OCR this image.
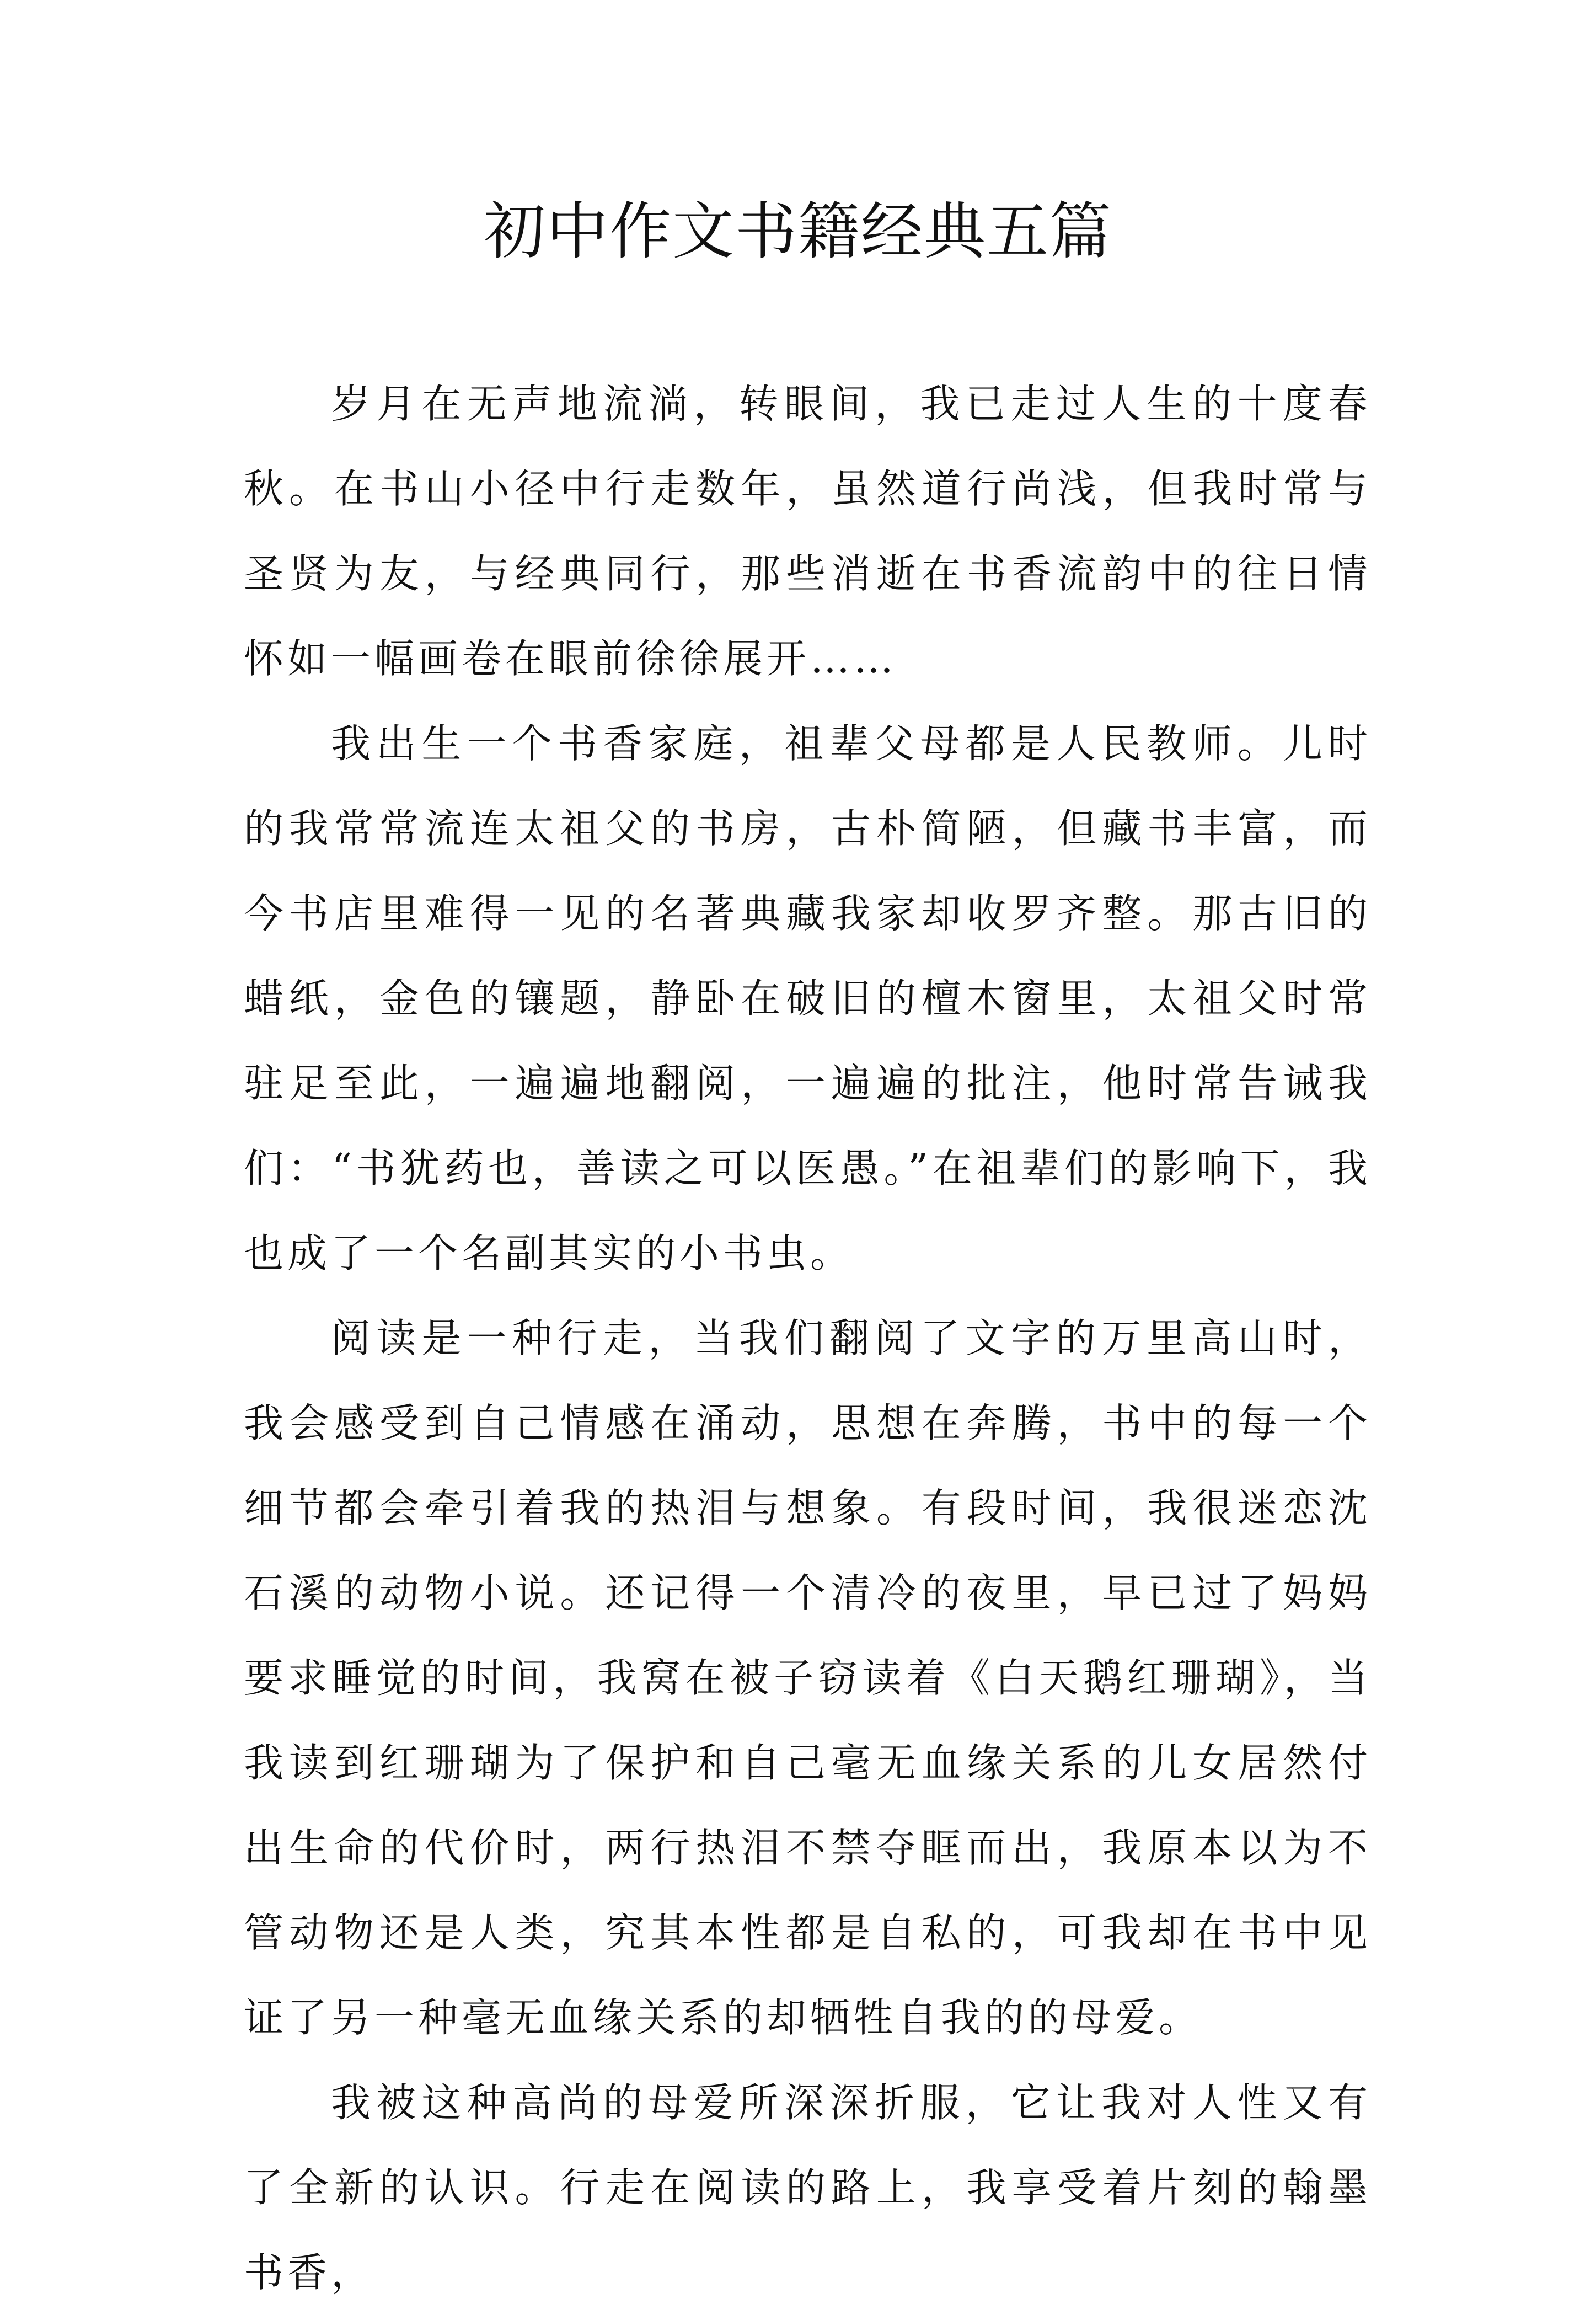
初中作文书籍经典五篇

岁月在无声地流淌，转眼间，我已走过人生的十度春秋。在书山小径中行走数年，虽然道行尚浅，但我时常与圣贤为友，与经典同行，那些消逝在书香流韵中的往日情怀如一幅画卷在眼前徐徐展开……

我出生一个书香家庭，祖辈父母都是人民教师。儿时的我常常流连太祖父的书房，古朴简陋，但藏书丰富，而今书店里难得一见的名著典藏我家却收罗齐整。那古旧的蜡纸，金色的镶题，静卧在破旧的檀木窗里，太祖父时常驻足至此，一遍遍地翻阅，一遍遍的批注，他时常告诫我们：“书犹药也，善读之可以医愚。”在祖辈们的影响下，我也成了一个名副其实的小书虫。

阅读是一种行走，当我们翻阅了文字的万里高山时，我会感受到自己情感在涌动，思想在奔腾，书中的每一个细节都会牵引着我的热泪与想象。有段时间，我很迷恋沈石溪的动物小说。还记得一个清冷的夜里，早已过了妈妈要求睡觉的时间，我窝在被子窃读着《白天鹅红珊瑚》，当我读到红珊瑚为了保护和自己毫无血缘关系的儿女居然付出生命的代价时，两行热泪不禁夺眶而出，我原本以为不管动物还是人类，究其本性都是自私的，可我却在书中见证了另一种毫无血缘关系的却牺牲自我的的母爱。

我被这种高尚的母爱所深深折服，它让我对人性又有了全新的认识。行走在阅读的路上，我享受着片刻的翰墨书香，
